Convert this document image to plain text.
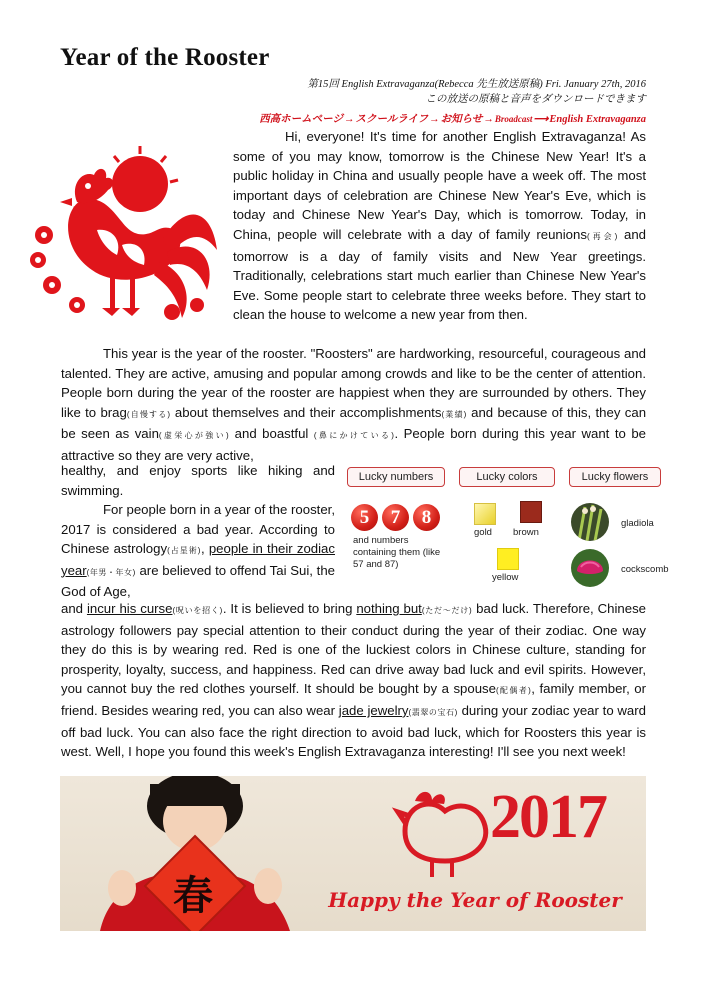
Year of the Rooster
第15回 English Extravaganza(Rebecca 先生放送原稿) Fri. January 27th, 2016
この放送の原稿と音声をダウンロードできます
西高ホームページ→スクールライフ→お知らせ→Broadcast⟶English Extravaganza

Hi, everyone! It's time for another English Extravaganza! As some of you may know, tomorrow is the Chinese New Year! It's a public holiday in China and usually people have a week off. The most important days of celebration are Chinese New Year's Eve, which is today and Chinese New Year's Day, which is tomorrow. Today, in China, people will celebrate with a day of family reunions(再会) and tomorrow is a day of family visits and New Year greetings. Traditionally, celebrations start much earlier than Chinese New Year's Eve. Some people start to celebrate three weeks before. They start to clean the house to welcome a new year from then.

This year is the year of the rooster. "Roosters" are hardworking, resourceful, courageous and talented. They are active, amusing and popular among crowds and like to be the center of attention. People born during the year of the rooster are happiest when they are surrounded by others. They like to brag(自慢する) about themselves and their accomplishments(業績) and because of this, they can be seen as vain(虚栄心が強い) and boastful (鼻にかけている). People born during this year want to be attractive so they are very active,

healthy, and enjoy sports like hiking and swimming.

For people born in a year of the rooster, 2017 is considered a bad year. According to Chinese astrology(占星術), people in their zodiac year(年男・年女) are believed to offend Tai Sui, the God of Age,

and incur his curse(呪いを招く). It is believed to bring nothing but(ただ〜だけ) bad luck. Therefore, Chinese astrology followers pay special attention to their conduct during the year of their zodiac. One way they do this is by wearing red. Red is one of the luckiest colors in Chinese culture, standing for prosperity, loyalty, success, and happiness. Red can drive away bad luck and evil spirits. However, you cannot buy the red clothes yourself. It should be bought by a spouse(配偶者), family member, or friend. Besides wearing red, you can also wear jade jewelry(翡翠の宝石) during your zodiac year to ward off bad luck. You can also face the right direction to avoid bad luck, which for Roosters this year is west. Well, I hope you found this week's English Extravaganza interesting! I'll see you next week!

Lucky numbers	Lucky colors	Lucky flowers
5	7	8
and numbers containing them (like 57 and 87)
gold brown
yellow
gladiola
cockscomb
春
2017
Happy the Year of Rooster
